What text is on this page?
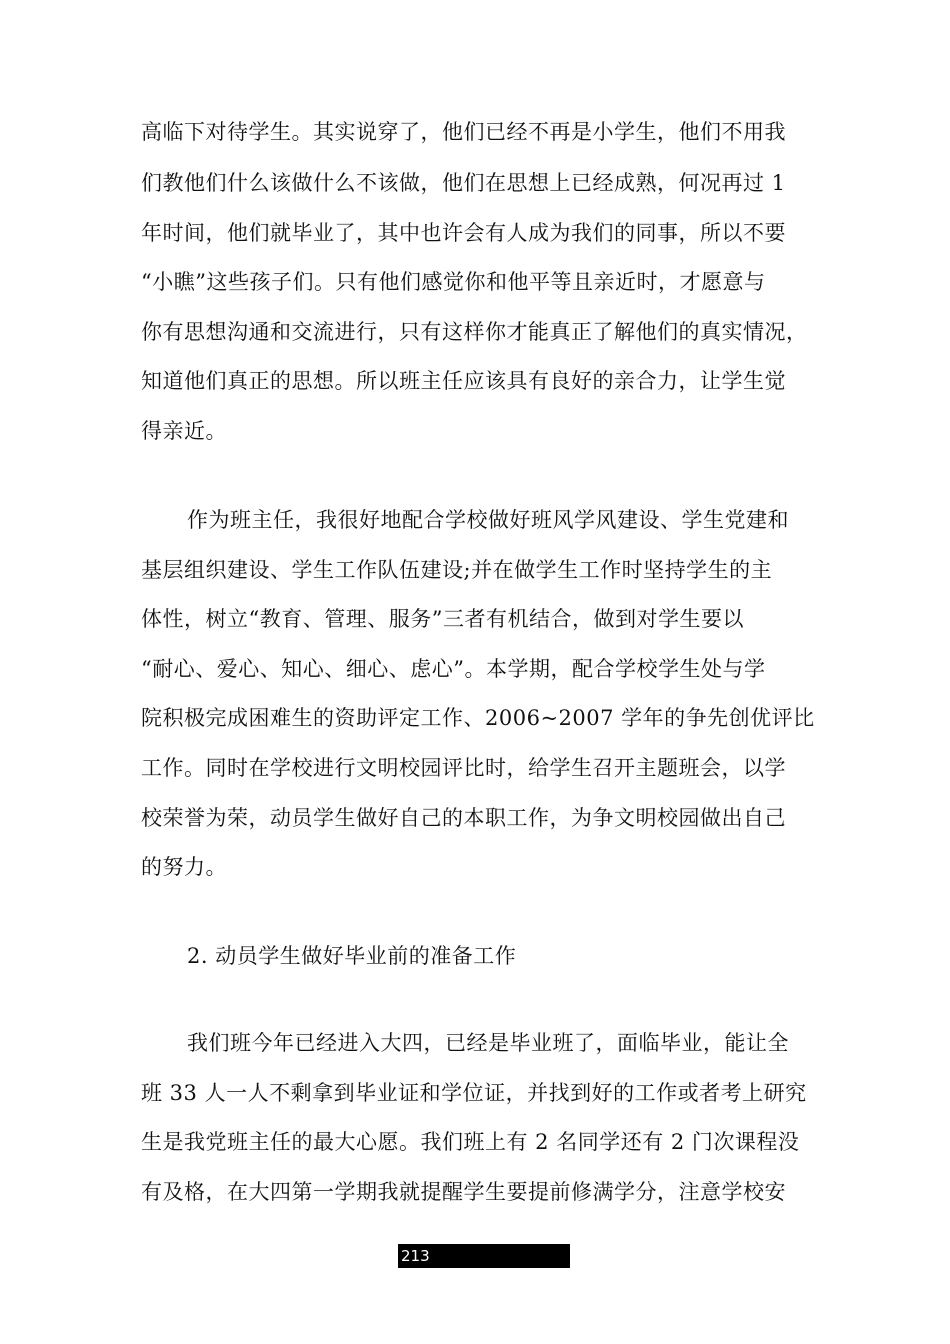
高临下对待学生。其实说穿了，他们已经不再是小学生，他们不用我
们教他们什么该做什么不该做，他们在思想上已经成熟，何况再过 1
年时间，他们就毕业了，其中也许会有人成为我们的同事，所以不要
“小瞧”这些孩子们。只有他们感觉你和他平等且亲近时，才愿意与
你有思想沟通和交流进行，只有这样你才能真正了解他们的真实情况，
知道他们真正的思想。所以班主任应该具有良好的亲合力，让学生觉
得亲近。
作为班主任，我很好地配合学校做好班风学风建设、学生党建和
基层组织建设、学生工作队伍建设;并在做学生工作时坚持学生的主
体性，树立“教育、管理、服务”三者有机结合，做到对学生要以
“耐心、爱心、知心、细心、虑心”。本学期，配合学校学生处与学
院积极完成困难生的资助评定工作、2006~2007 学年的争先创优评比
工作。同时在学校进行文明校园评比时，给学生召开主题班会，以学
校荣誉为荣，动员学生做好自己的本职工作，为争文明校园做出自己
的努力。
2. 动员学生做好毕业前的准备工作
我们班今年已经进入大四，已经是毕业班了，面临毕业，能让全
班 33 人一人不剩拿到毕业证和学位证，并找到好的工作或者考上研究
生是我党班主任的最大心愿。我们班上有 2 名同学还有 2 门次课程没
有及格，在大四第一学期我就提醒学生要提前修满学分，注意学校安
213
